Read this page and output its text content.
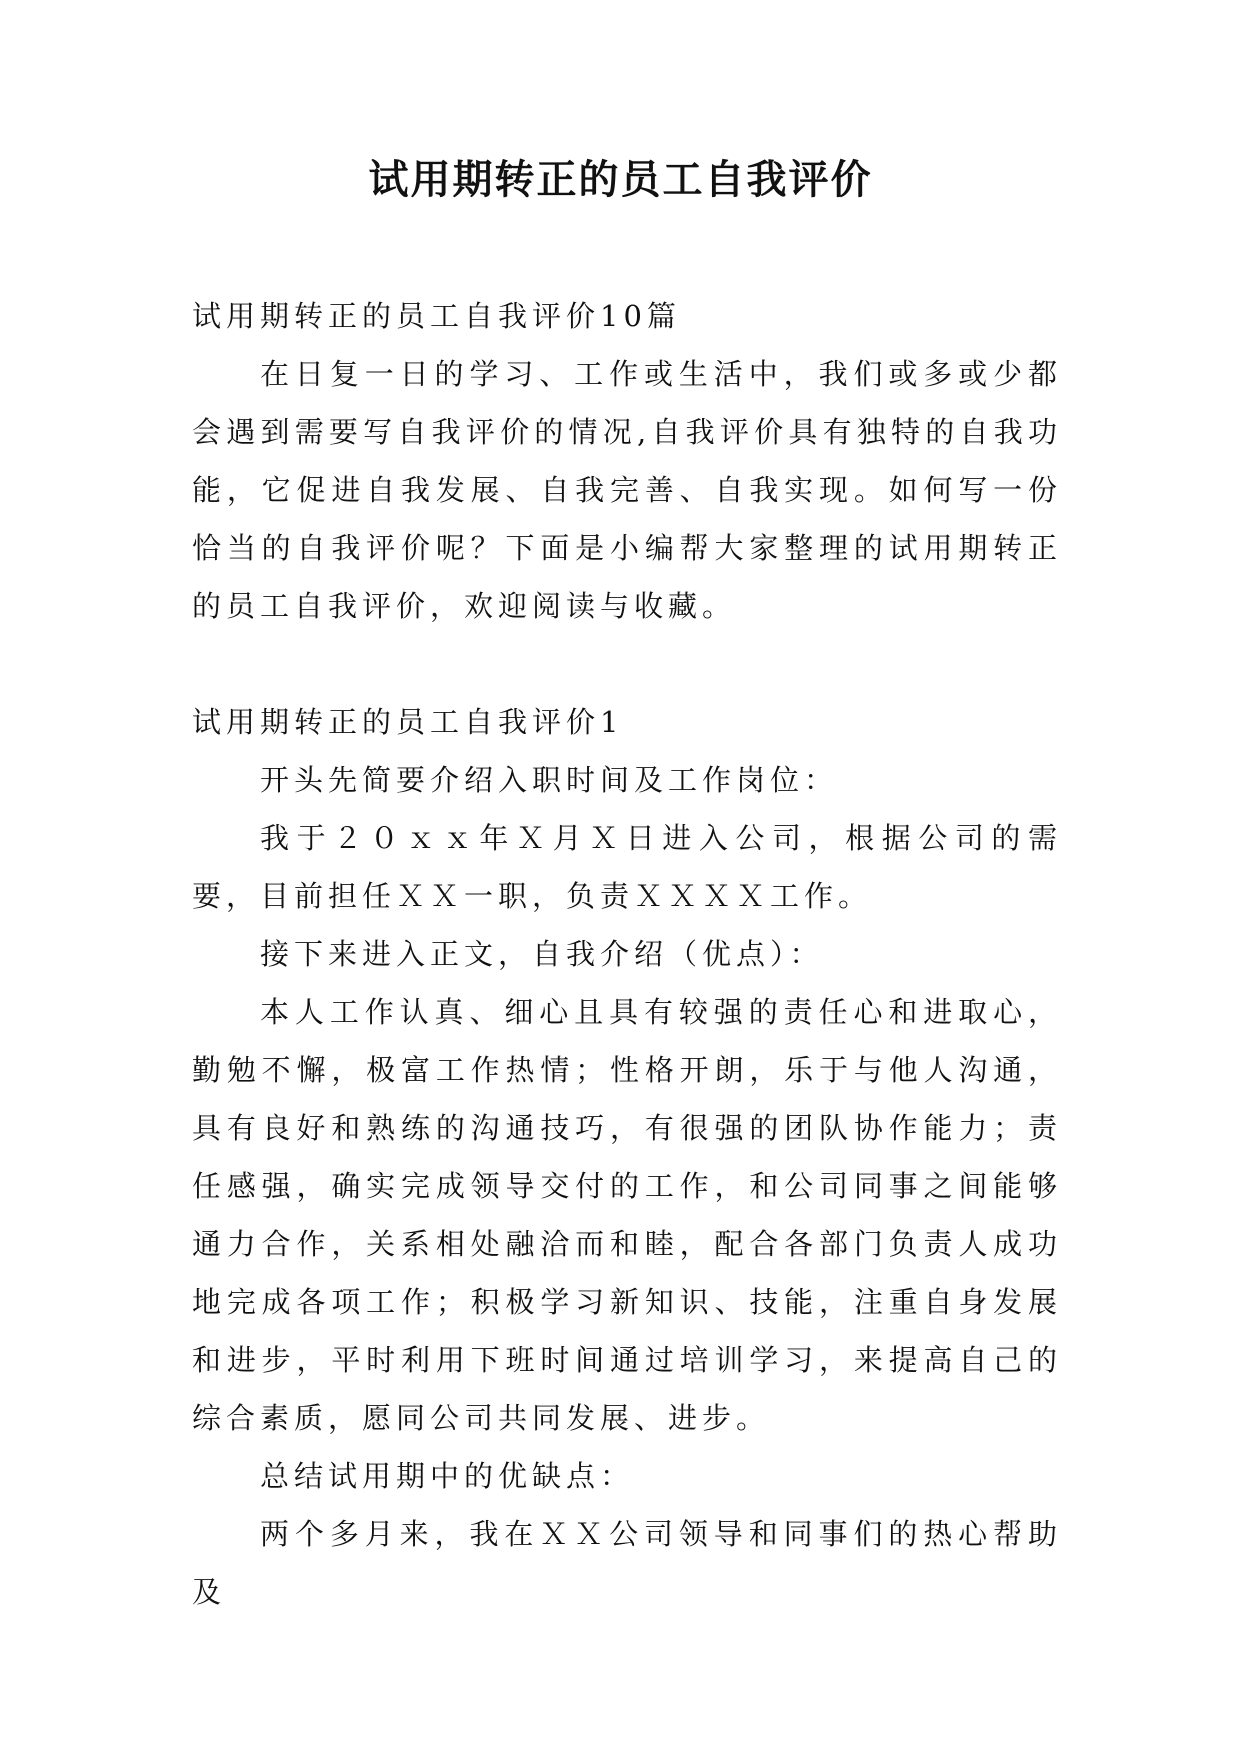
试用期转正的员工自我评价

试用期转正的员工自我评价10篇

在日复一日的学习、工作或生活中，我们或多或少都会遇到需要写自我评价的情况,自我评价具有独特的自我功能，它促进自我发展、自我完善、自我实现。如何写一份恰当的自我评价呢？下面是小编帮大家整理的试用期转正的员工自我评价，欢迎阅读与收藏。

试用期转正的员工自我评价1

开头先简要介绍入职时间及工作岗位：

我于２０ｘｘ年Ｘ月Ｘ日进入公司，根据公司的需要，目前担任ＸＸ一职，负责ＸＸＸＸ工作。

接下来进入正文，自我介绍（优点）：

本人工作认真、细心且具有较强的责任心和进取心，勤勉不懈，极富工作热情；性格开朗，乐于与他人沟通，具有良好和熟练的沟通技巧，有很强的团队协作能力；责任感强，确实完成领导交付的工作，和公司同事之间能够通力合作，关系相处融洽而和睦，配合各部门负责人成功地完成各项工作；积极学习新知识、技能，注重自身发展和进步，平时利用下班时间通过培训学习，来提高自己的综合素质，愿同公司共同发展、进步。

总结试用期中的优缺点：

两个多月来，我在ＸＸ公司领导和同事们的热心帮助及
